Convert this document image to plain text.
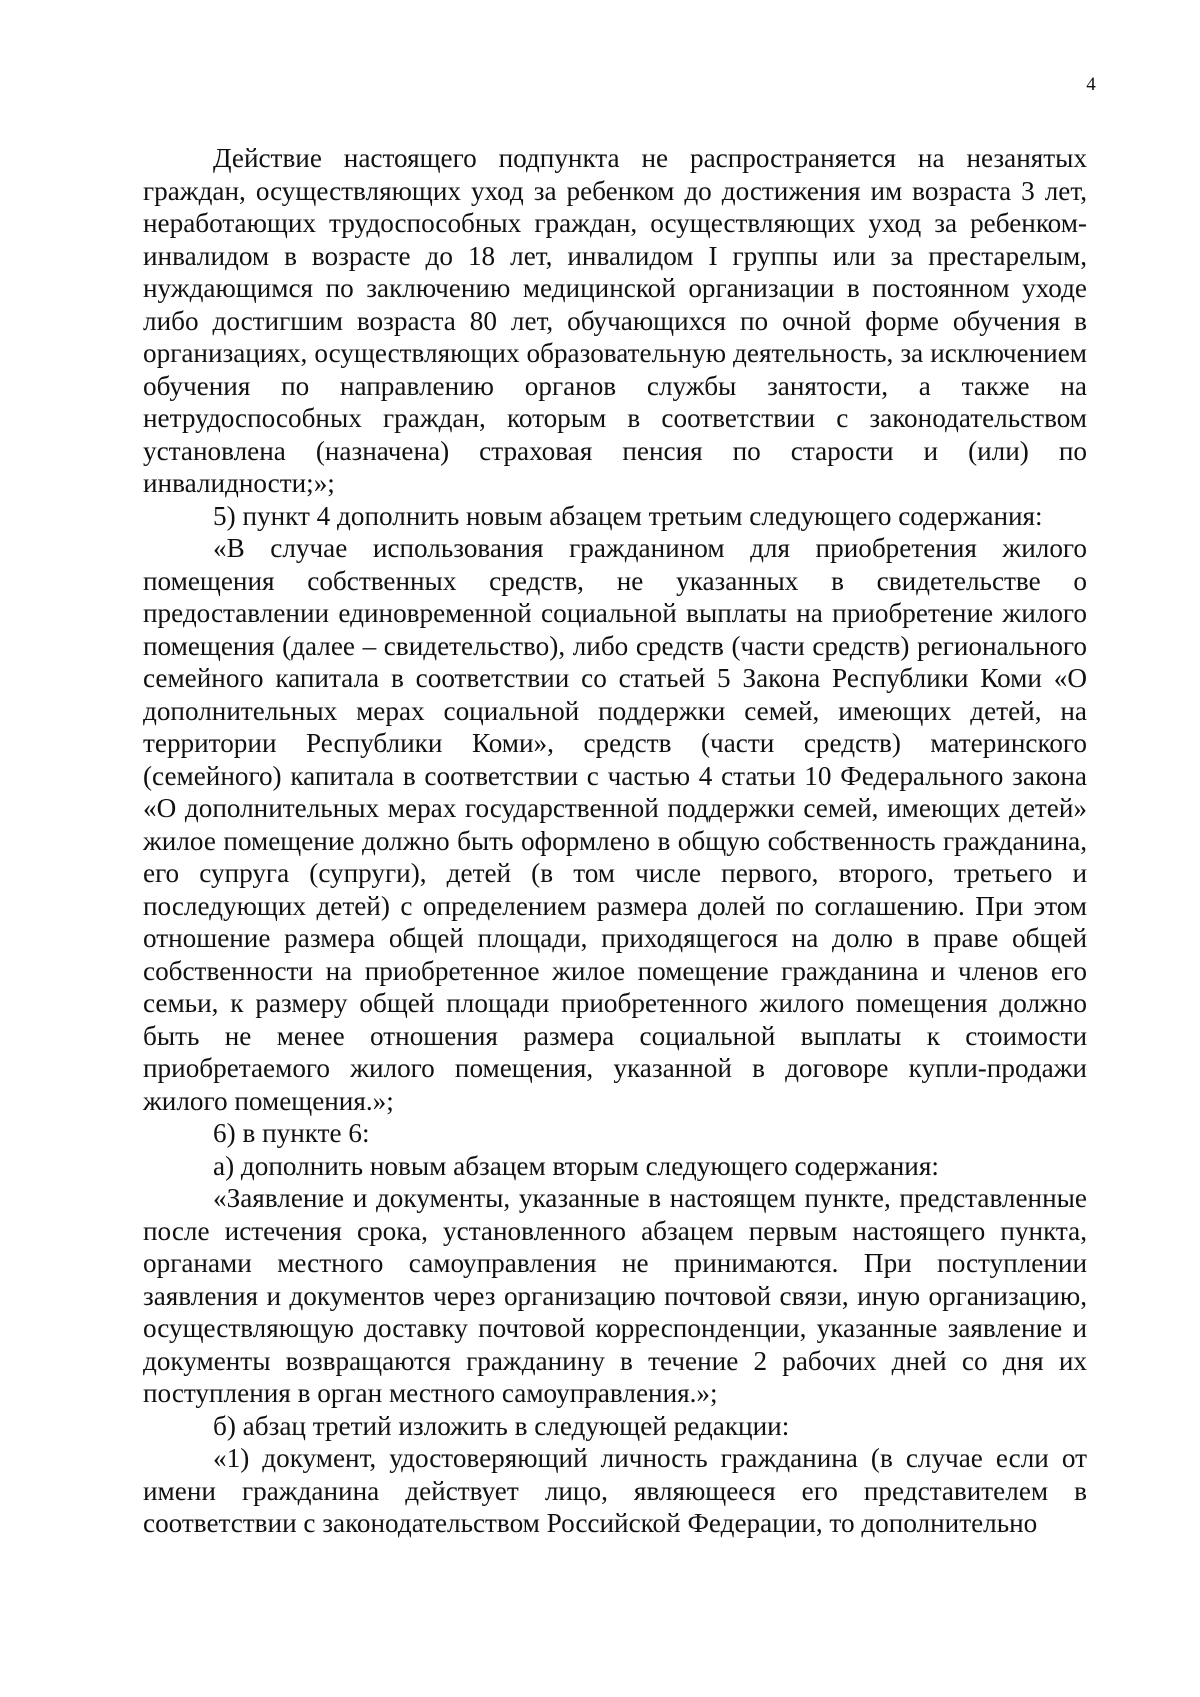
4

Действие настоящего подпункта не распространяется на незанятых граждан, осуществляющих уход за ребенком до достижения им возраста 3 лет, неработающих трудоспособных граждан, осуществляющих уход за ребенком-инвалидом в возрасте до 18 лет, инвалидом I группы или за престарелым, нуждающимся по заключению медицинской организации в постоянном уходе либо достигшим возраста 80 лет, обучающихся по очной форме обучения в организациях, осуществляющих образовательную деятельность, за исключением обучения по направлению органов службы занятости, а также на нетрудоспособных граждан, которым в соответствии с законодательством установлена (назначена) страховая пенсия по старости и (или) по инвалидности;»;

5) пункт 4 дополнить новым абзацем третьим следующего содержания:

«В случае использования гражданином для приобретения жилого помещения собственных средств, не указанных в свидетельстве о предоставлении единовременной социальной выплаты на приобретение жилого помещения (далее – свидетельство), либо средств (части средств) регионального семейного капитала в соответствии со статьей 5 Закона Республики Коми «О дополнительных мерах социальной поддержки семей, имеющих детей, на территории Республики Коми», средств (части средств) материнского (семейного) капитала в соответствии с частью 4 статьи 10 Федерального закона «О дополнительных мерах государственной поддержки семей, имеющих детей» жилое помещение должно быть оформлено в общую собственность гражданина, его супруга (супруги), детей (в том числе первого, второго, третьего и последующих детей) с определением размера долей по соглашению. При этом отношение размера общей площади, приходящегося на долю в праве общей собственности на приобретенное жилое помещение гражданина и членов его семьи, к размеру общей площади приобретенного жилого помещения должно быть не менее отношения размера социальной выплаты к стоимости приобретаемого жилого помещения, указанной в договоре купли-продажи жилого помещения.»;

6) в пункте 6:

а) дополнить новым абзацем вторым следующего содержания:

«Заявление и документы, указанные в настоящем пункте, представленные после истечения срока, установленного абзацем первым настоящего пункта, органами местного самоуправления не принимаются. При поступлении заявления и документов через организацию почтовой связи, иную организацию, осуществляющую доставку почтовой корреспонденции, указанные заявление и документы возвращаются гражданину в течение 2 рабочих дней со дня их поступления в орган местного самоуправления.»;

б) абзац третий изложить в следующей редакции:

«1) документ, удостоверяющий личность гражданина (в случае если от имени гражданина действует лицо, являющееся его представителем в соответствии с законодательством Российской Федерации, то дополнительно
